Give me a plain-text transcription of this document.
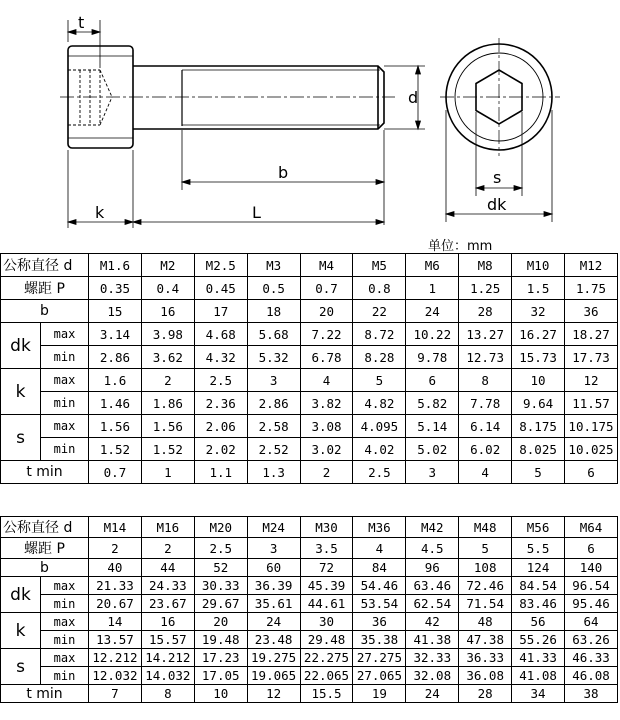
t
d
b
k	L
s
dk
单位：mm
公称直径 d		M1.6	M2	M2.5	M3	M4	M5	M6	M8	M10	M12
螺距 P		0.35	0.4	0.45	0.5	0.7	0.8	1	1.25	1.5	1.75
b		15	16	17	18	20	22	24	28	32	36
dk	max	3.14	3.98	4.68	5.68	7.22	8.72	10.22	13.27	16.27	18.27
	min	2.86	3.62	4.32	5.32	6.78	8.28	9.78	12.73	15.73	17.73
k	max	1.6	2	2.5	3	4	5	6	8	10	12
	min	1.46	1.86	2.36	2.86	3.82	4.82	5.82	7.78	9.64	11.57
s	max	1.56	1.56	2.06	2.58	3.08	4.095	5.14	6.14	8.175	10.175
	min	1.52	1.52	2.02	2.52	3.02	4.02	5.02	6.02	8.025	10.025
t min		0.7	1	1.1	1.3	2	2.5	3	4	5	6
公称直径 d		M14	M16	M20	M24	M30	M36	M42	M48	M56	M64
螺距 P		2	2	2.5	3	3.5	4	4.5	5	5.5	6
b		40	44	52	60	72	84	96	108	124	140
dk	max	21.33	24.33	30.33	36.39	45.39	54.46	63.46	72.46	84.54	96.54
	min	20.67	23.67	29.67	35.61	44.61	53.54	62.54	71.54	83.46	95.46
k	max	14	16	20	24	30	36	42	48	56	64
	min	13.57	15.57	19.48	23.48	29.48	35.38	41.38	47.38	55.26	63.26
s	max	12.212	14.212	17.23	19.275	22.275	27.275	32.33	36.33	41.33	46.33
	min	12.032	14.032	17.05	19.065	22.065	27.065	32.08	36.08	41.08	46.08
t min		7	8	10	12	15.5	19	24	28	34	38
